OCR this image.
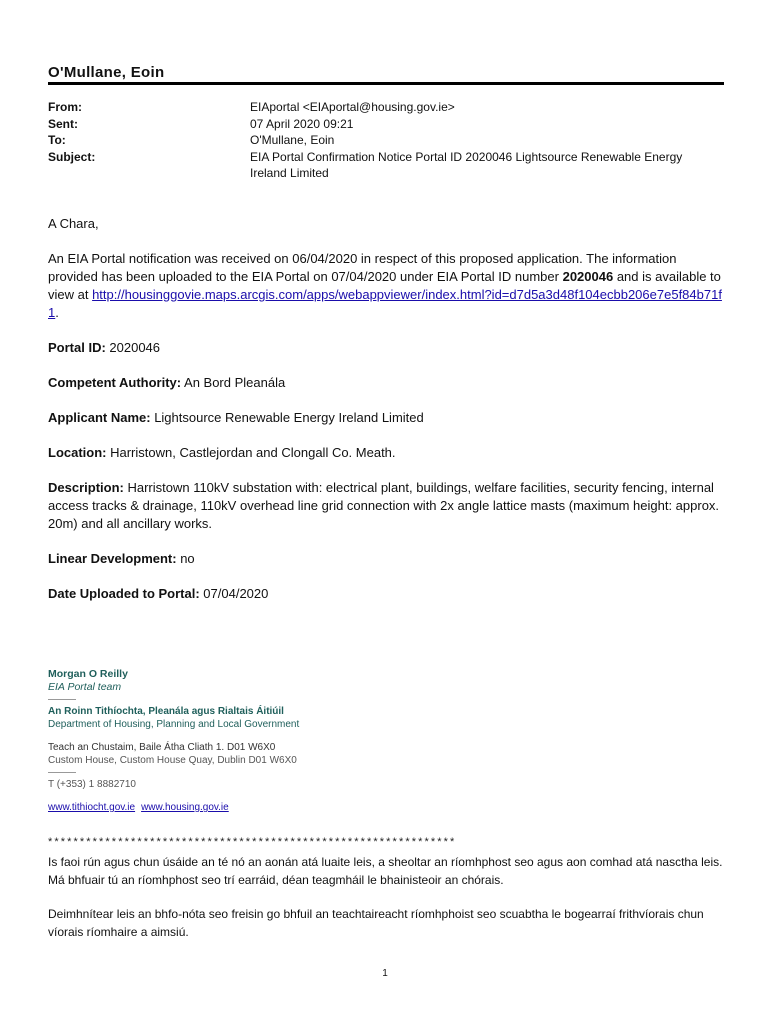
O'Mullane, Eoin
From:	EIAportal <EIAportal@housing.gov.ie>
Sent:	07 April 2020 09:21
To:	O'Mullane, Eoin
Subject:	EIA Portal Confirmation Notice Portal ID 2020046 Lightsource Renewable Energy
Ireland Limited

A Chara,

An EIA Portal notification was received on 06/04/2020 in respect of this proposed application. The information provided has been uploaded to the EIA Portal on 07/04/2020 under EIA Portal ID number 2020046 and is available to view at http://housinggovie.maps.arcgis.com/apps/webappviewer/index.html?id=d7d5a3d48f104ecbb206e7e5f84b71f1.

Portal ID: 2020046

Competent Authority: An Bord Pleanála

Applicant Name: Lightsource Renewable Energy Ireland Limited

Location: Harristown, Castlejordan and Clongall Co. Meath.

Description: Harristown 110kV substation with: electrical plant, buildings, welfare facilities, security fencing, internal access tracks & drainage, 110kV overhead line grid connection with 2x angle lattice masts (maximum height: approx. 20m) and all ancillary works.

Linear Development: no

Date Uploaded to Portal: 07/04/2020

Morgan O Reilly
EIA Portal team
An Roinn Tithíochta, Pleanála agus Rialtais Áitiúil
Department of Housing, Planning and Local Government
Teach an Chustaim, Baile Átha Cliath 1. D01 W6X0
Custom House, Custom House Quay, Dublin D01 W6X0
T (+353) 1 8882710
www.tithiocht.gov.ie www.housing.gov.ie
****************************************************************

Is faoi rún agus chun úsáide an té nó an aonán atá luaite leis, a sheoltar an ríomhphost seo agus aon comhad atá nasctha leis. Má bhfuair tú an ríomhphost seo trí earráid, déan teagmháil le bhainisteoir an chórais.

Deimhnítear leis an bhfo-nóta seo freisin go bhfuil an teachtaireacht ríomhphoist seo scuabtha le bogearraí frithvíorais chun víorais ríomhaire a aimsiú.

1
